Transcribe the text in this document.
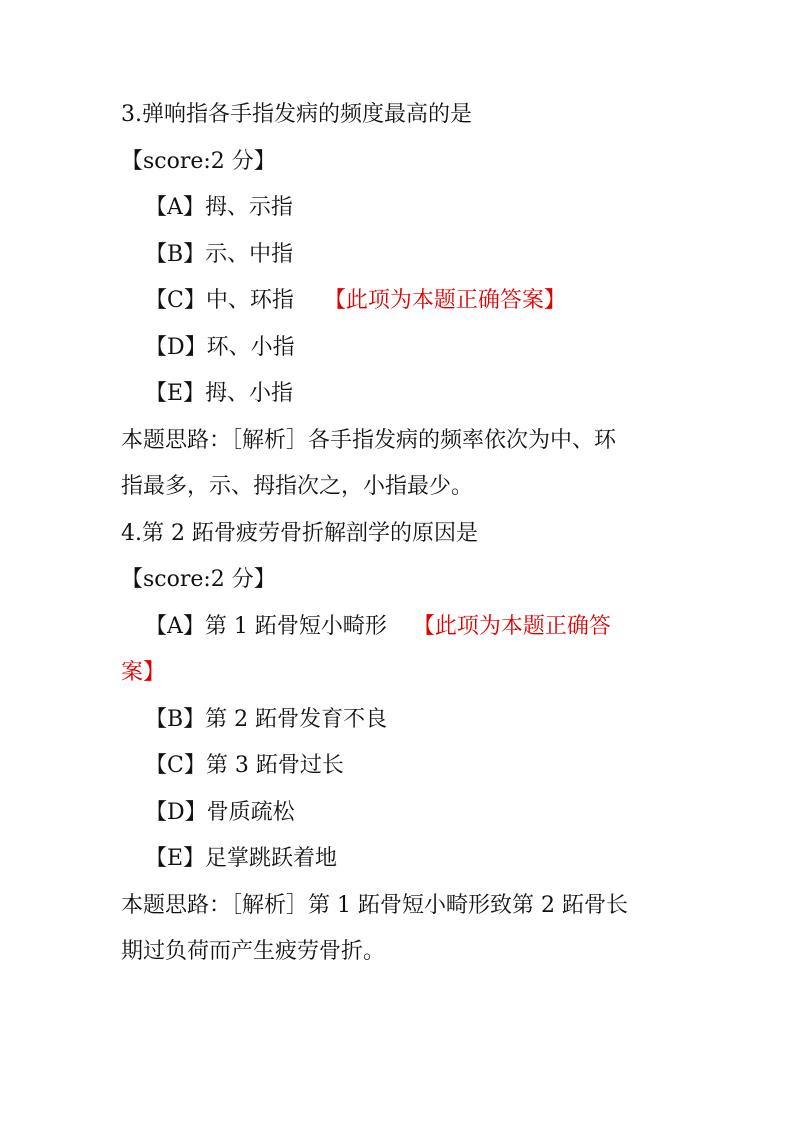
3.弹响指各手指发病的频度最高的是
【score:2 分】
【A】拇、示指
【B】示、中指
【C】中、环指 【此项为本题正确答案】
【D】环、小指
【E】拇、小指
本题思路：［解析］各手指发病的频率依次为中、环
指最多，示、拇指次之，小指最少。
4.第 2 跖骨疲劳骨折解剖学的原因是
【score:2 分】
【A】第 1 跖骨短小畸形 【此项为本题正确答
案】
【B】第 2 跖骨发育不良
【C】第 3 跖骨过长
【D】骨质疏松
【E】足掌跳跃着地
本题思路：［解析］第 1 跖骨短小畸形致第 2 跖骨长
期过负荷而产生疲劳骨折。
